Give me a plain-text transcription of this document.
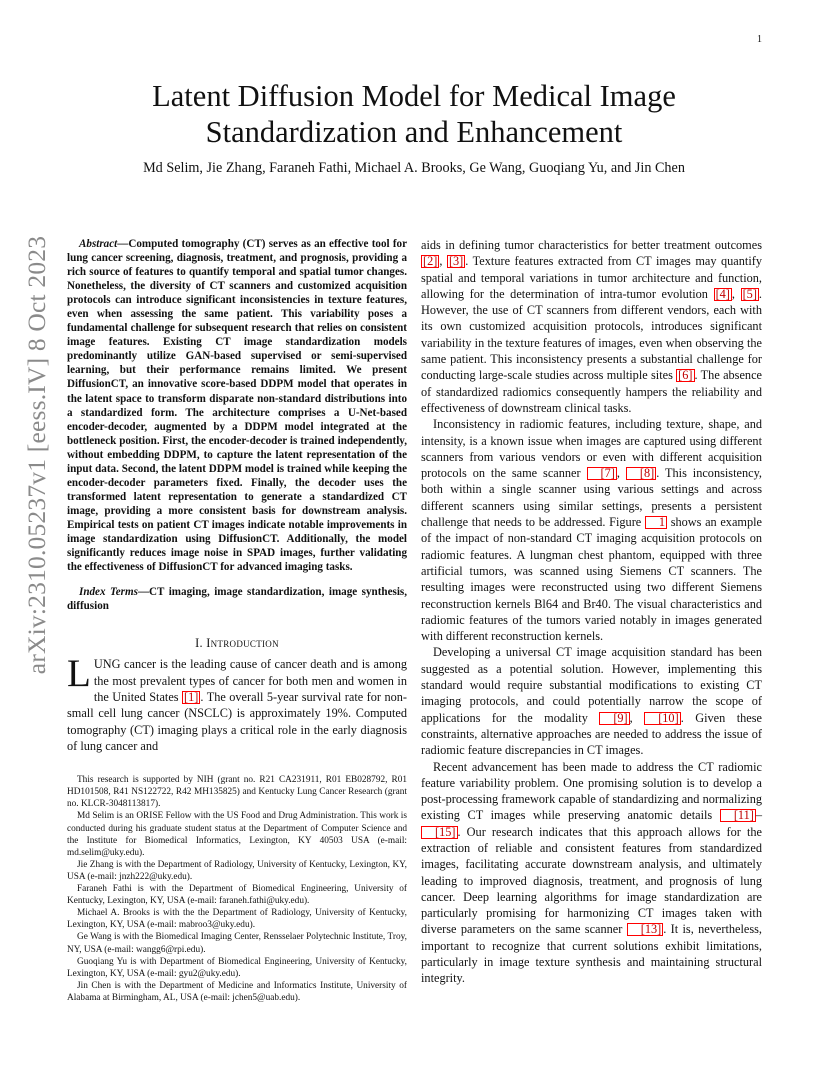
1
arXiv:2310.05237v1 [eess.IV] 8 Oct 2023
Latent Diffusion Model for Medical Image
Standardization and Enhancement
Md Selim, Jie Zhang, Faraneh Fathi, Michael A. Brooks, Ge Wang, Guoqiang Yu, and Jin Chen

Abstract—Computed tomography (CT) serves as an effective tool for lung cancer screening, diagnosis, treatment, and prognosis, providing a rich source of features to quantify temporal and spatial tumor changes. Nonetheless, the diversity of CT scanners and customized acquisition protocols can introduce significant inconsistencies in texture features, even when assessing the same patient. This variability poses a fundamental challenge for subsequent research that relies on consistent image features. Existing CT image standardization models predominantly utilize GAN-based supervised or semi-supervised learning, but their performance remains limited. We present DiffusionCT, an innovative score-based DDPM model that operates in the latent space to transform disparate non-standard distributions into a standardized form. The architecture comprises a U-Net-based encoder-decoder, augmented by a DDPM model integrated at the bottleneck position. First, the encoder-decoder is trained independently, without embedding DDPM, to capture the latent representation of the input data. Second, the latent DDPM model is trained while keeping the encoder-decoder parameters fixed. Finally, the decoder uses the transformed latent representation to generate a standardized CT image, providing a more consistent basis for downstream analysis. Empirical tests on patient CT images indicate notable improvements in image standardization using DiffusionCT. Additionally, the model significantly reduces image noise in SPAD images, further validating the effectiveness of DiffusionCT for advanced imaging tasks.

Index Terms—CT imaging, image standardization, image synthesis, diffusion

I. Introduction

LUNG cancer is the leading cause of cancer death and is among the most prevalent types of cancer for both men and women in the United States [1] . The overall 5-year survival rate for non-small cell lung cancer (NSCLC) is approximately 19%. Computed tomography (CT) imaging plays a critical role in the early diagnosis of lung cancer and

This research is supported by NIH (grant no. R21 CA231911, R01 EB028792, R01 HD101508, R41 NS122722, R42 MH135825) and Kentucky Lung Cancer Research (grant no. KLCR-3048113817).

Md Selim is an ORISE Fellow with the US Food and Drug Administration. This work is conducted during his graduate student status at the Department of Computer Science and the Institute for Biomedical Informatics, Lexington, KY 40503 USA (e-mail: md.selim@uky.edu).

Jie Zhang is with the Department of Radiology, University of Kentucky, Lexington, KY, USA (e-mail: jnzh222@uky.edu).

Faraneh Fathi is with the Department of Biomedical Engineering, University of Kentucky, Lexington, KY, USA (e-mail: faraneh.fathi@uky.edu).

Michael A. Brooks is with the the Department of Radiology, University of Kentucky, Lexington, KY, USA (e-mail: mabroo3@uky.edu).

Ge Wang is with the Biomedical Imaging Center, Rensselaer Polytechnic Institute, Troy, NY, USA (e-mail: wangg6@rpi.edu).

Guoqiang Yu is with Department of Biomedical Engineering, University of Kentucky, Lexington, KY, USA (e-mail: gyu2@uky.edu).

Jin Chen is with the Department of Medicine and Informatics Institute, University of Alabama at Birmingham, AL, USA (e-mail: jchen5@uab.edu).

aids in defining tumor characteristics for better treatment outcomes [2] , [3] . Texture features extracted from CT images may quantify spatial and temporal variations in tumor architecture and function, allowing for the determination of intra-tumor evolution [4] , [5] . However, the use of CT scanners from different vendors, each with its own customized acquisition protocols, introduces significant variability in the texture features of images, even when observing the same patient. This inconsistency presents a substantial challenge for conducting large-scale studies across multiple sites [6] . The absence of standardized radiomics consequently hampers the reliability and effectiveness of downstream clinical tasks.

Inconsistency in radiomic features, including texture, shape, and intensity, is a known issue when images are captured using different scanners from various vendors or even with different acquisition protocols on the same scanner [7] , [8] . This inconsistency, both within a single scanner using various settings and across different scanners using similar settings, presents a persistent challenge that needs to be addressed. Figure 1 shows an example of the impact of non-standard CT imaging acquisition protocols on radiomic features. A lungman chest phantom, equipped with three artificial tumors, was scanned using Siemens CT scanners. The resulting images were reconstructed using two different Siemens reconstruction kernels Bl64 and Br40. The visual characteristics and radiomic features of the tumors varied notably in images generated with different reconstruction kernels.

Developing a universal CT image acquisition standard has been suggested as a potential solution. However, implementing this standard would require substantial modifications to existing CT imaging protocols, and could potentially narrow the scope of applications for the modality [9] , [10] . Given these constraints, alternative approaches are needed to address the issue of radiomic feature discrepancies in CT images.

Recent advancement has been made to address the CT radiomic feature variability problem. One promising solution is to develop a post-processing framework capable of standardizing and normalizing existing CT images while preserving anatomic details [11] –[15] . Our research indicates that this approach allows for the extraction of reliable and consistent features from standardized images, facilitating accurate downstream analysis, and ultimately leading to improved diagnosis, treatment, and prognosis of lung cancer. Deep learning algorithms for image standardization are particularly promising for harmonizing CT images taken with diverse parameters on the same scanner [13] . It is, nevertheless, important to recognize that current solutions exhibit limitations, particularly in image texture synthesis and maintaining structural integrity.
